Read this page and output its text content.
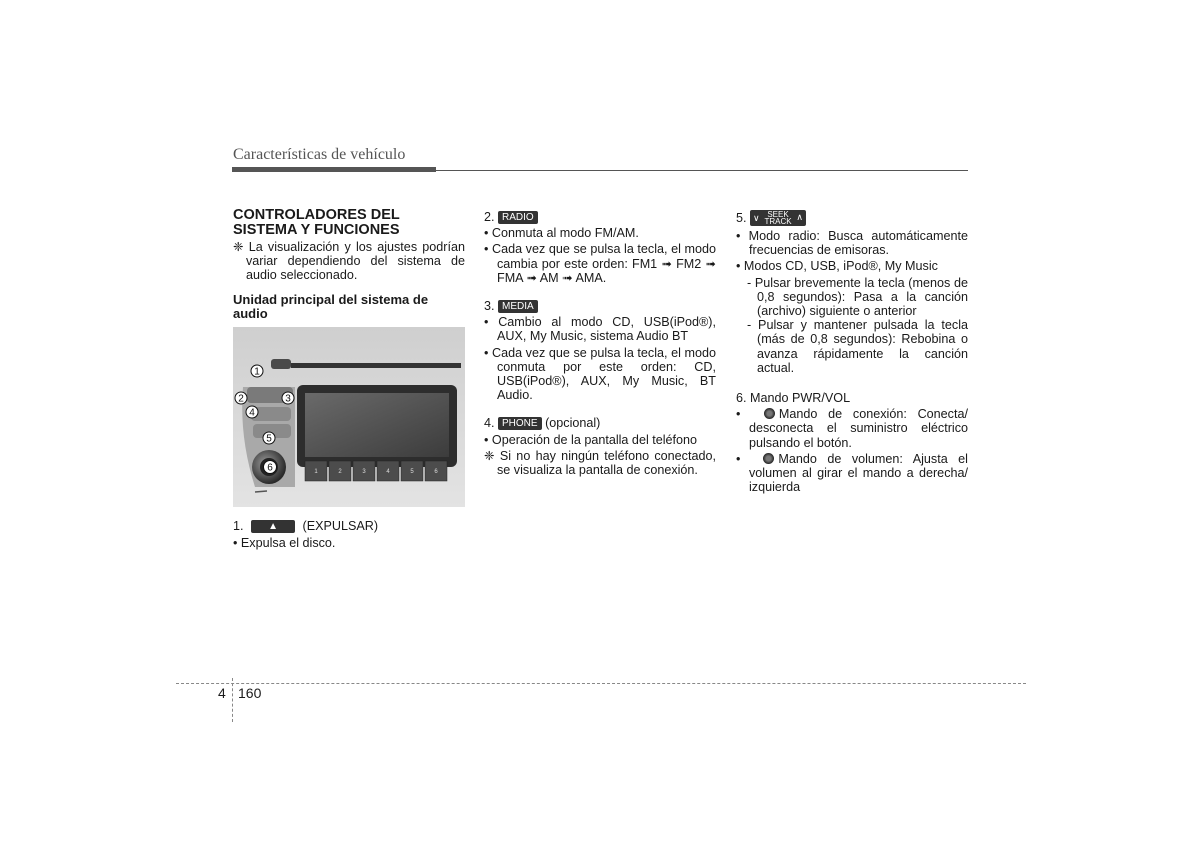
Características de vehículo
CONTROLADORES DEL SISTEMA Y FUNCIONES

❈ La visualización y los ajustes podrían variar dependiendo del sistema de audio seleccionado.

Unidad principal del sistema de audio
1	2	3	4	5	6
1
2	3
4
5
6

1. ▲ (EXPULSAR)

• Expulsa el disco.

2. RADIO

• Conmuta al modo FM/AM.

• Cada vez que se pulsa la tecla, el modo cambia por este orden: FM1 ➟ FM2 ➟ FMA ➟ AM ➟ AMA.

3. MEDIA

• Cambio al modo CD, USB(iPod®), AUX, My Music, sistema Audio BT

• Cada vez que se pulsa la tecla, el modo conmuta por este orden: CD, USB(iPod®), AUX, My Music, BT Audio.

4. PHONE (opcional)

• Operación de la pantalla del teléfono

❈ Si no hay ningún teléfono conectado, se visualiza la pantalla de conexión.

5. ∨ SEEK
TRACK ∧

• Modo radio: Busca automáticamente frecuencias de emisoras.

• Modos CD, USB, iPod®, My Music

- Pulsar brevemente la tecla (menos de 0,8 segundos): Pasa a la canción (archivo) siguiente o anterior

- Pulsar y mantener pulsada la tecla (más de 0,8 segundos): Rebobina o avanza rápidamente la canción actual.

6. Mando PWR/VOL

•  Mando de conexión: Conecta/ desconecta el suministro eléctrico pulsando el botón.

•  Mando de volumen: Ajusta el volumen al girar el mando a derecha/ izquierda

4 160
